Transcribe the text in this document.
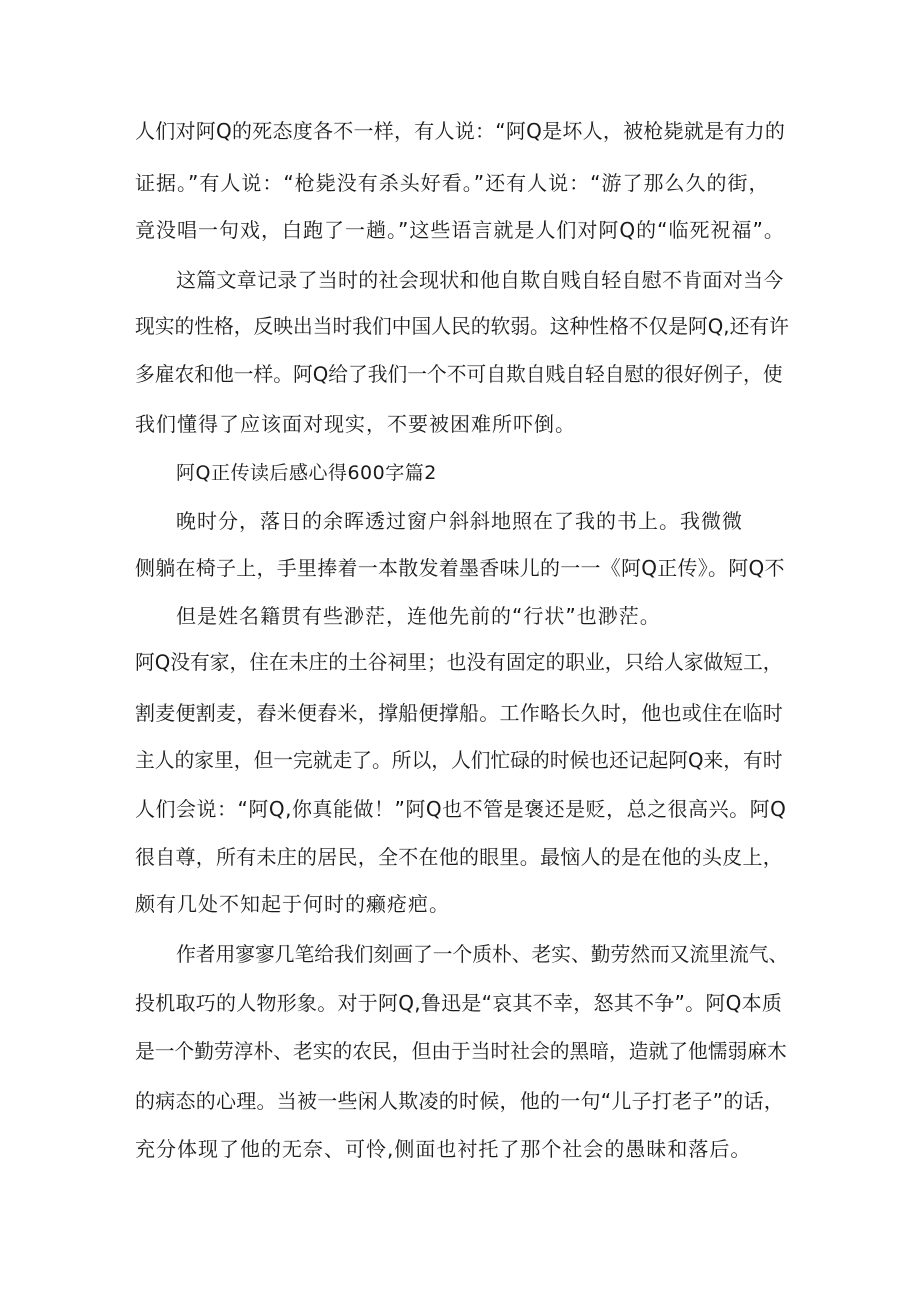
人们对阿Q的死态度各不一样，有人说：“阿Q是坏人，被枪毙就是有力的
证据。”有人说：“枪毙没有杀头好看。”还有人说：“游了那么久的街，
竟没唱一句戏，白跑了一趟。”这些语言就是人们对阿Q的“临死祝福”。
这篇文章记录了当时的社会现状和他自欺自贱自轻自慰不肯面对当今
现实的性格，反映出当时我们中国人民的软弱。这种性格不仅是阿Q,还有许
多雇农和他一样。阿Q给了我们一个不可自欺自贱自轻自慰的很好例子，使
我们懂得了应该面对现实，不要被困难所吓倒。
阿Q正传读后感心得600字篇2
晚时分，落日的余晖透过窗户斜斜地照在了我的书上。我微微
侧躺在椅子上，手里捧着一本散发着墨香味儿的一一《阿Q正传》。阿Q不
但是姓名籍贯有些渺茫，连他先前的“行状”也渺茫。
阿Q没有家，住在未庄的土谷祠里；也没有固定的职业，只给人家做短工，
割麦便割麦，舂米便舂米，撑船便撑船。工作略长久时，他也或住在临时
主人的家里，但一完就走了。所以，人们忙碌的时候也还记起阿Q来，有时
人们会说：“阿Q,你真能做！”阿Q也不管是褒还是贬，总之很高兴。阿Q
很自尊，所有未庄的居民，全不在他的眼里。最恼人的是在他的头皮上，
颇有几处不知起于何时的癞疮疤。
作者用寥寥几笔给我们刻画了一个质朴、老实、勤劳然而又流里流气、
投机取巧的人物形象。对于阿Q,鲁迅是“哀其不幸，怒其不争”。阿Q本质
是一个勤劳淳朴、老实的农民，但由于当时社会的黑暗，造就了他懦弱麻木
的病态的心理。当被一些闲人欺凌的时候，他的一句“儿子打老子”的话，
充分体现了他的无奈、可怜,侧面也衬托了那个社会的愚昧和落后。
